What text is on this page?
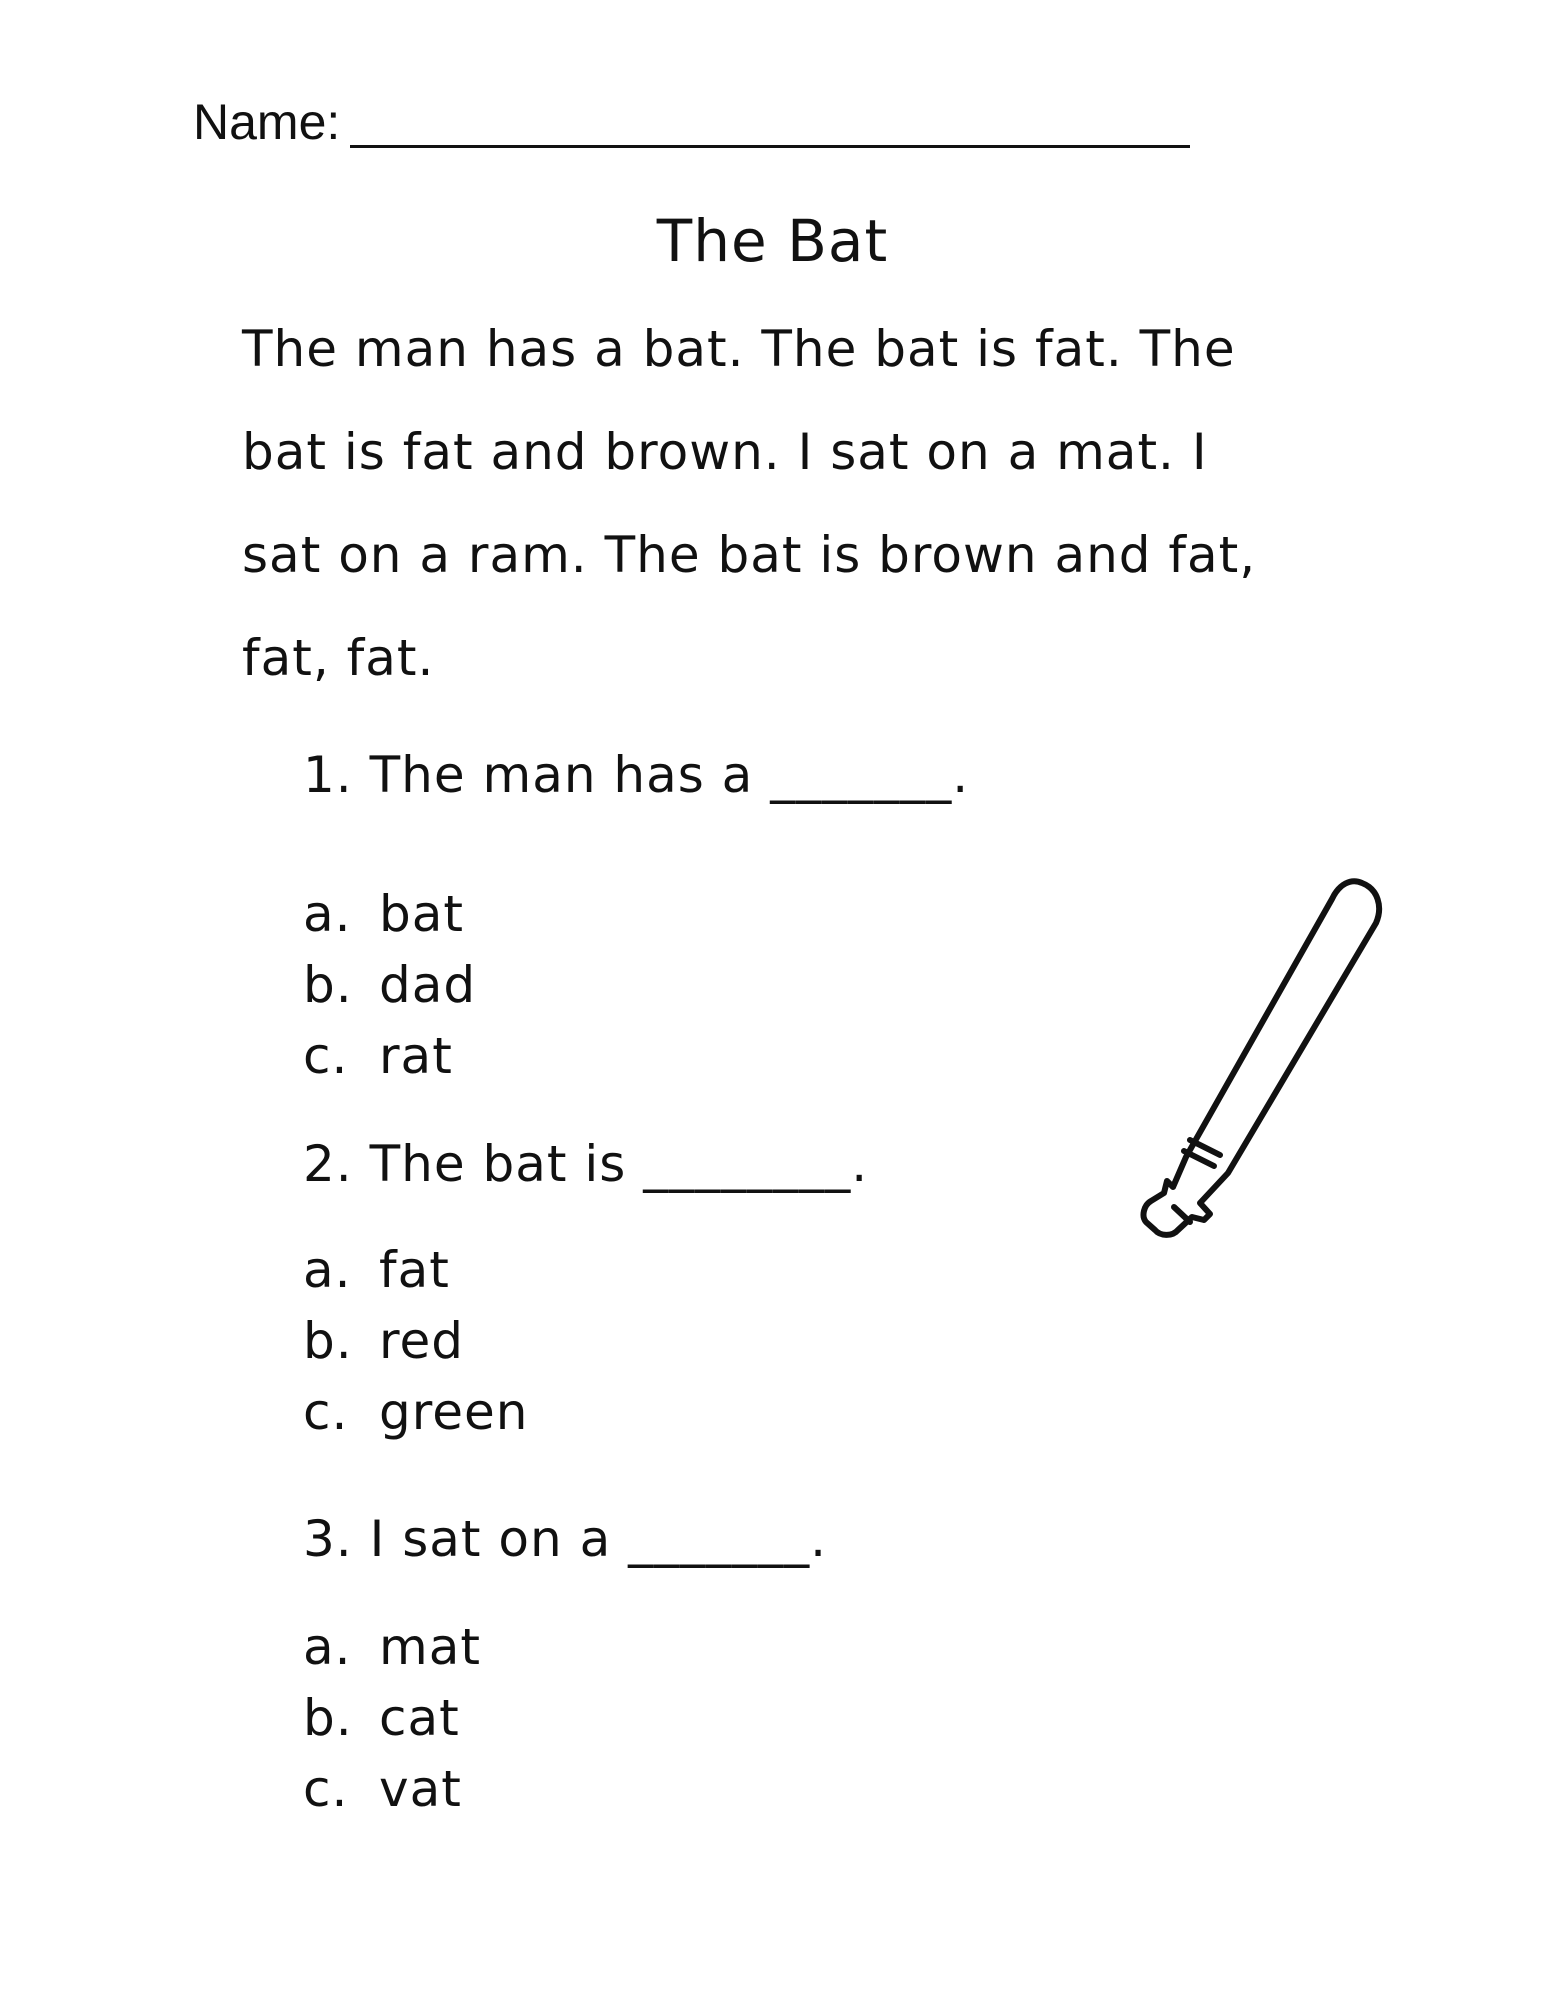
Name:
The Bat
The man has a bat. The bat is fat. The
bat is fat and brown. I sat on a mat. I
sat on a ram. The bat is brown and fat,
fat, fat.
1. The man has a _______.
a. bat
b. dad
c. rat
2. The bat is ________.
a. fat
b. red
c. green
3. I sat on a _______.
a. mat
b. cat
c. vat
